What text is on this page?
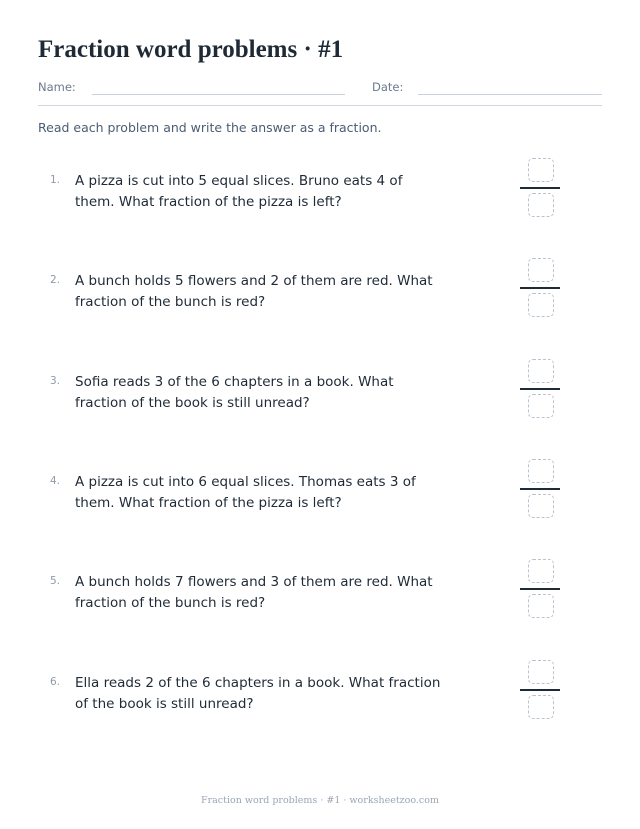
Fraction word problems · #1
Name:	Date:
Read each problem and write the answer as a fraction.
1. A pizza is cut into 5 equal slices. Bruno eats 4 of them. What fraction of the pizza is left?

2. A bunch holds 5 flowers and 2 of them are red. What fraction of the bunch is red?

3. Sofia reads 3 of the 6 chapters in a book. What fraction of the book is still unread?

4. A pizza is cut into 6 equal slices. Thomas eats 3 of them. What fraction of the pizza is left?

5. A bunch holds 7 flowers and 3 of them are red. What fraction of the bunch is red?

6. Ella reads 2 of the 6 chapters in a book. What fraction of the book is still unread?

Fraction word problems · #1 · worksheetzoo.com
